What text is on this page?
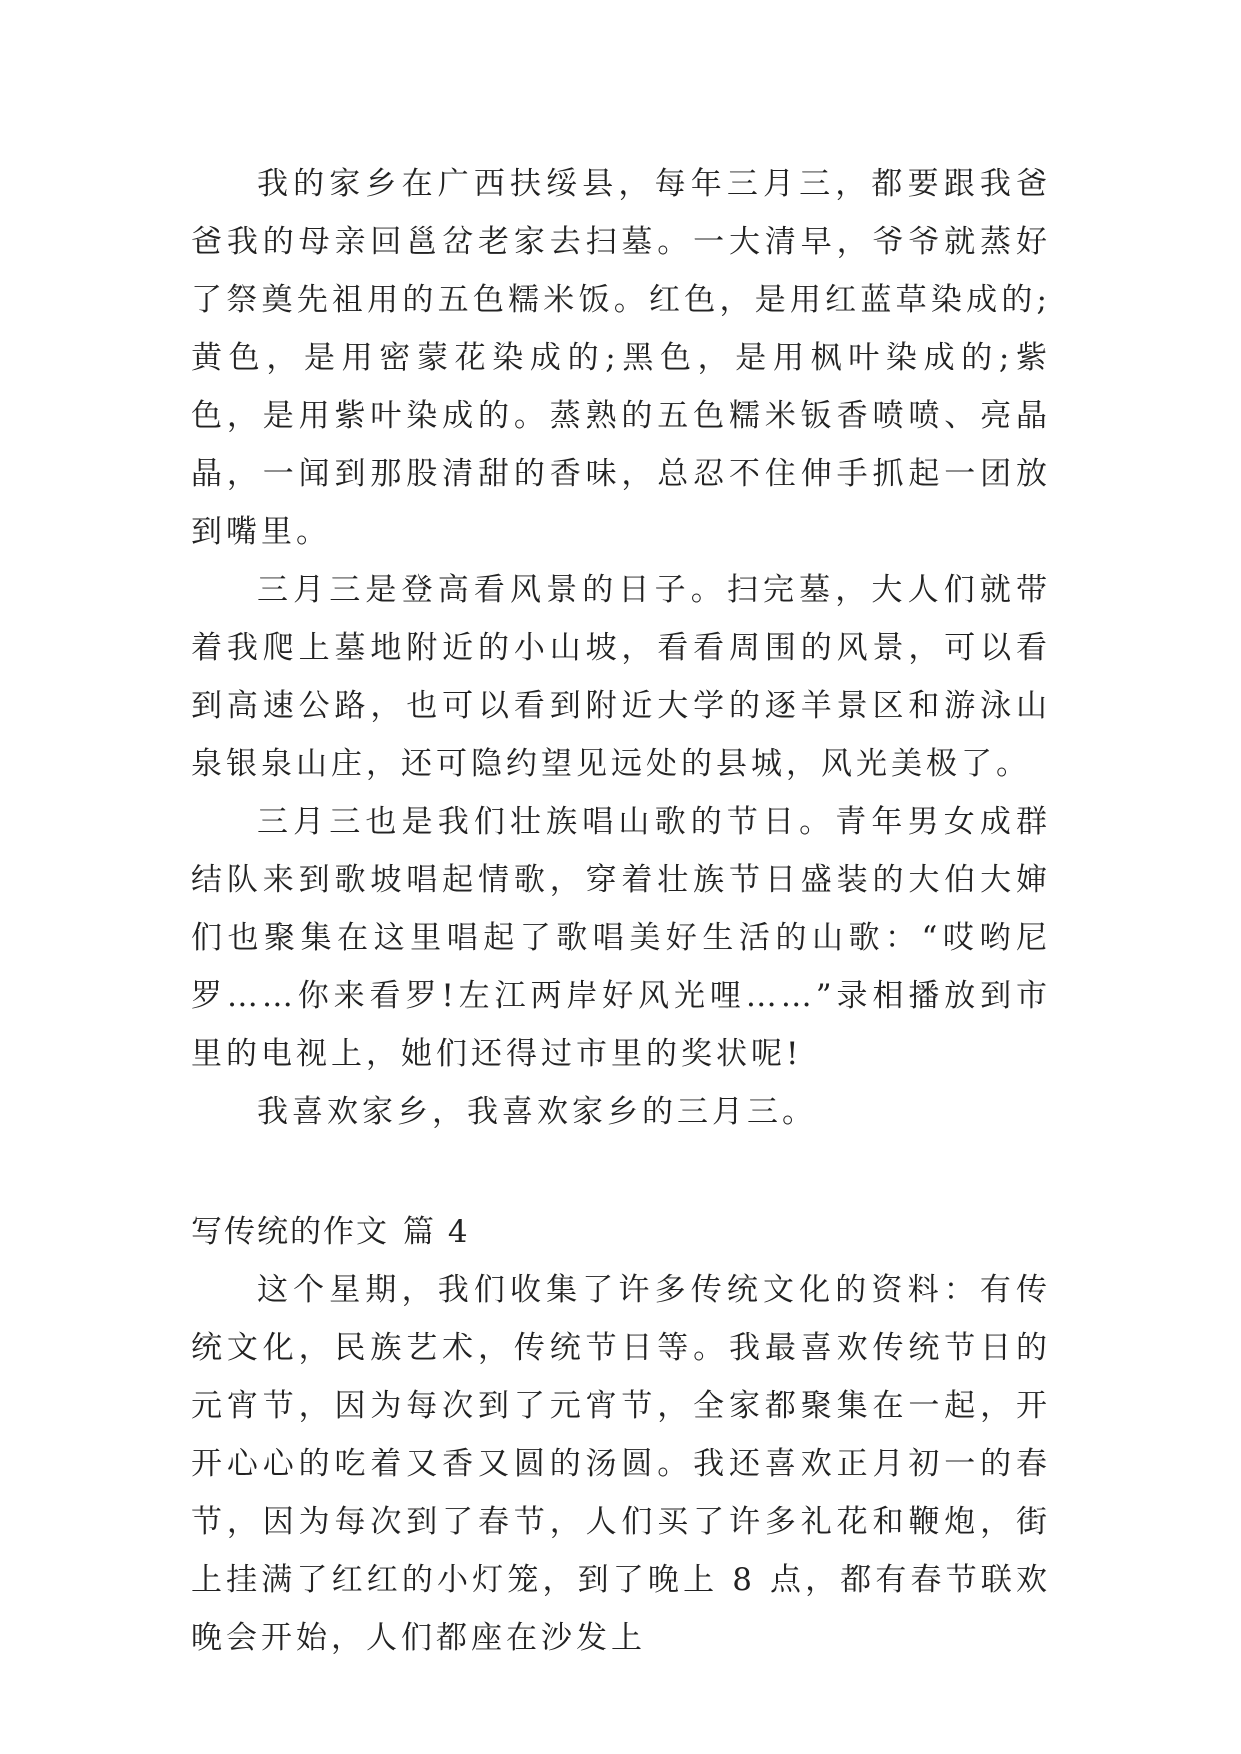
我的家乡在广西扶绥县，每年三月三，都要跟我爸爸我的母亲回邕岔老家去扫墓。一大清早，爷爷就蒸好了祭奠先祖用的五色糯米饭。红色，是用红蓝草染成的;黄色，是用密蒙花染成的;黑色，是用枫叶染成的;紫色，是用紫叶染成的。蒸熟的五色糯米钣香喷喷、亮晶晶，一闻到那股清甜的香味，总忍不住伸手抓起一团放到嘴里。

三月三是登高看风景的日子。扫完墓，大人们就带着我爬上墓地附近的小山坡，看看周围的风景，可以看到高速公路，也可以看到附近大学的逐羊景区和游泳山泉银泉山庄，还可隐约望见远处的县城，风光美极了。

三月三也是我们壮族唱山歌的节日。青年男女成群结队来到歌坡唱起情歌，穿着壮族节日盛装的大伯大婶们也聚集在这里唱起了歌唱美好生活的山歌：“哎哟尼罗……你来看罗!左江两岸好风光哩……”录相播放到市里的电视上，她们还得过市里的奖状呢!

我喜欢家乡，我喜欢家乡的三月三。

写传统的作文 篇 4

这个星期，我们收集了许多传统文化的资料：有传统文化，民族艺术，传统节日等。我最喜欢传统节日的元宵节，因为每次到了元宵节，全家都聚集在一起，开开心心的吃着又香又圆的汤圆。我还喜欢正月初一的春节，因为每次到了春节，人们买了许多礼花和鞭炮，街上挂满了红红的小灯笼，到了晚上 8 点，都有春节联欢晚会开始，人们都座在沙发上
